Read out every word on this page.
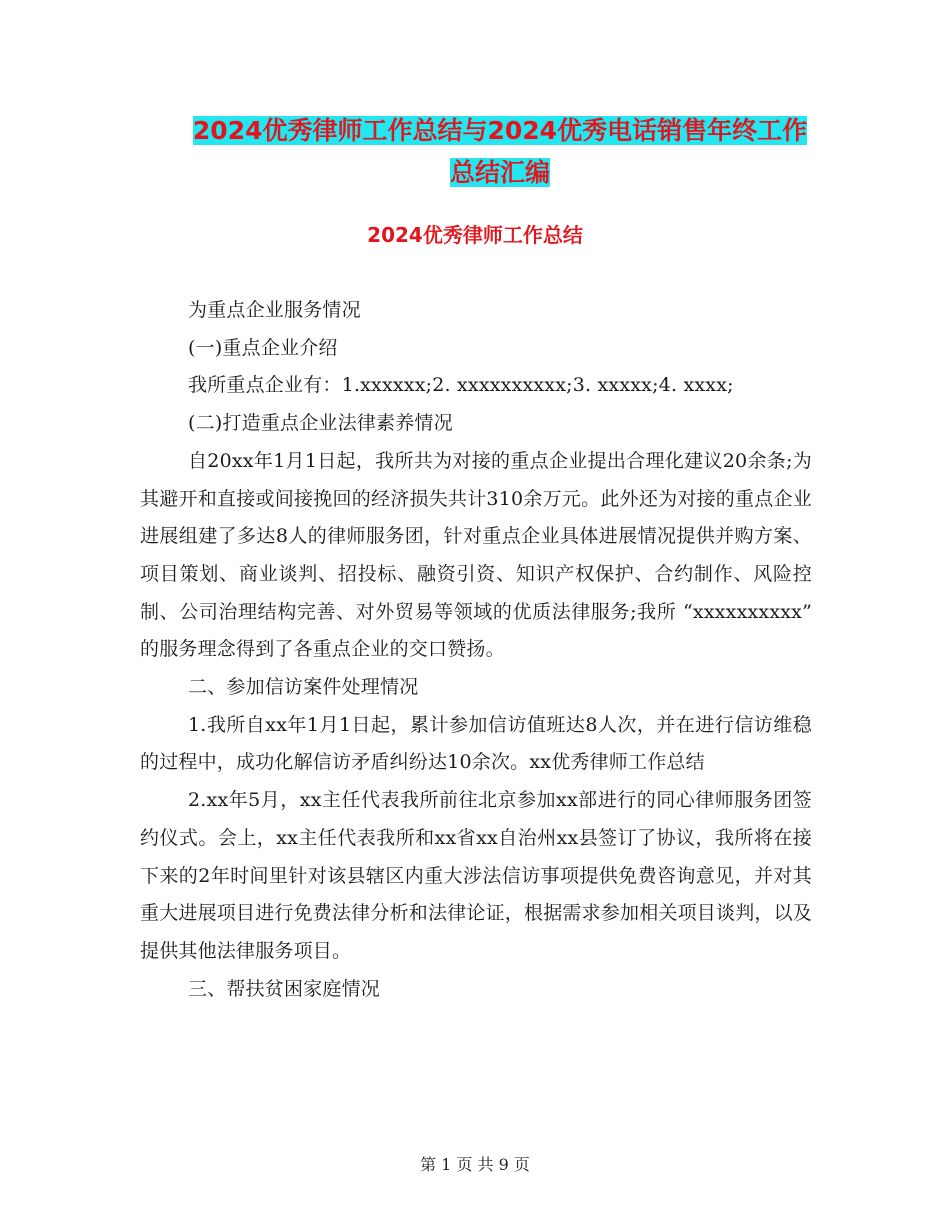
2024优秀律师工作总结与2024优秀电话销售年终工作
总结汇编
2024优秀律师工作总结

为重点企业服务情况

(一)重点企业介绍

我所重点企业有：1.xxxxxx;2. xxxxxxxxxx;3. xxxxx;4. xxxx;

(二)打造重点企业法律素养情况

自20xx年1月1日起，我所共为对接的重点企业提出合理化建议20余条;为其避开和直接或间接挽回的经济损失共计310余万元。此外还为对接的重点企业进展组建了多达8人的律师服务团，针对重点企业具体进展情况提供并购方案、项目策划、商业谈判、招投标、融资引资、知识产权保护、合约制作、风险控制、公司治理结构完善、对外贸易等领域的优质法律服务;我所 “xxxxxxxxxx” 的服务理念得到了各重点企业的交口赞扬。

二、参加信访案件处理情况

1.我所自xx年1月1日起，累计参加信访值班达8人次，并在进行信访维稳的过程中，成功化解信访矛盾纠纷达10余次。xx优秀律师工作总结

2.xx年5月，xx主任代表我所前往北京参加xx部进行的同心律师服务团签约仪式。会上，xx主任代表我所和xx省xx自治州xx县签订了协议，我所将在接下来的2年时间里针对该县辖区内重大涉法信访事项提供免费咨询意见，并对其重大进展项目进行免费法律分析和法律论证，根据需求参加相关项目谈判，以及提供其他法律服务项目。

三、帮扶贫困家庭情况

第 1 页 共 9 页
